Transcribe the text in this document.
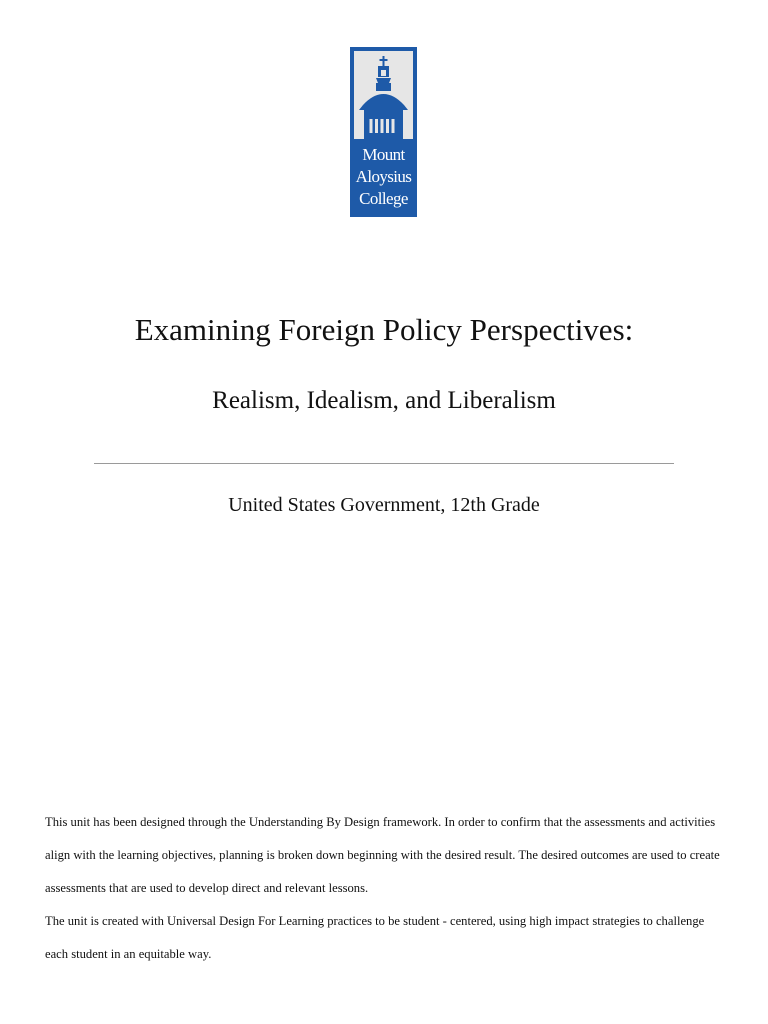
Mount
Aloysius
College
Examining Foreign Policy Perspectives:
Realism, Idealism, and Liberalism
United States Government, 12th Grade

This unit has been designed through the Understanding By Design framework. In order to confirm that the assessments and activities align with the learning objectives, planning is broken down beginning with the desired result. The desired outcomes are used to create assessments that are used to develop direct and relevant lessons.

The unit is created with Universal Design For Learning practices to be student - centered, using high impact strategies to challenge each student in an equitable way.
